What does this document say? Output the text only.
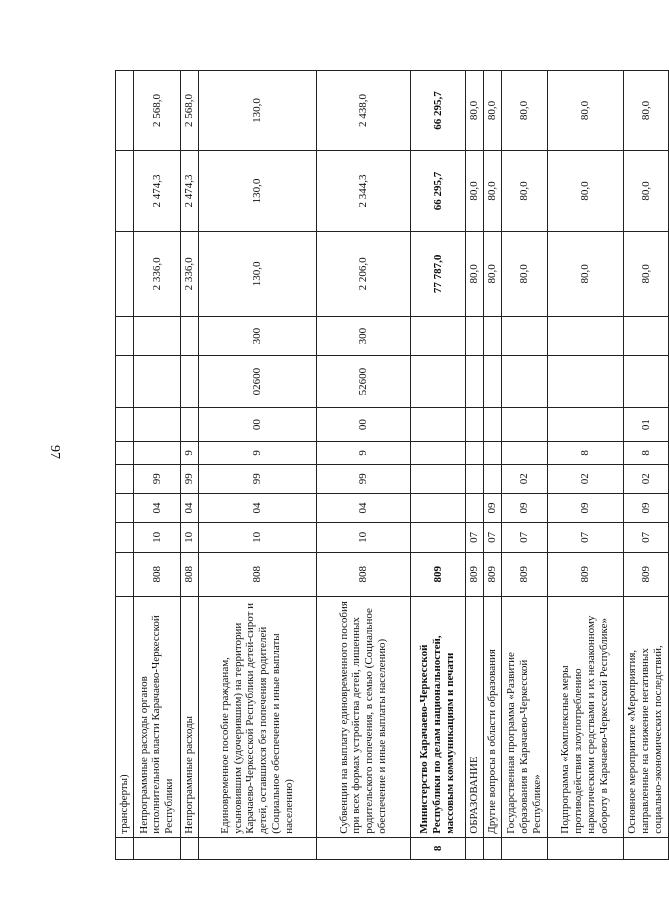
97
	трансферты)											
	Непрограммные расходы органов исполнительной власти Карачаево-Черкесской Республики	808	10	04	99					2 336,0	2 474,3	2 568,0
	Непрограммные расходы	808	10	04	99	9				2 336,0	2 474,3	2 568,0
	Единовременное пособие гражданам, усыновившим (удочерившим) на территории Карачаево-Черкесской Республики детей-сирот и детей, оставшихся без попечения родителей (Социальное обеспечение и иные выплаты населению)	808	10	04	99	9	00	02600	300	130,0	130,0	130,0
	Субвенции на выплату единовременного пособия при всех формах устройства детей, лишенных родительского попечения, в семью (Социальное обеспечение и иные выплаты населению)	808	10	04	99	9	00	52600	300	2 206,0	2 344,3	2 438,0
8	Министерство Карачаево-Черкесской Республики по делам национальностей, массовым коммуникациям и печати	809								77 787,0	66 295,7	66 295,7
	ОБРАЗОВАНИЕ	809	07							80,0	80,0	80,0
	Другие вопросы в области образования	809	07	09						80,0	80,0	80,0
	Государственная программа «Развитие образования в Карачаево-Черкесской Республике»	809	07	09	02					80,0	80,0	80,0
	Подпрограмма «Комплексные меры противодействия злоупотреблению наркотическими средствами и их незаконному обороту в Карачаево-Черкесской Республике»	809	07	09	02	8				80,0	80,0	80,0
	Основное мероприятие «Мероприятия, направленные на снижение негативных социально-экономических последствий,	809	07	09	02	8	01			80,0	80,0	80,0
